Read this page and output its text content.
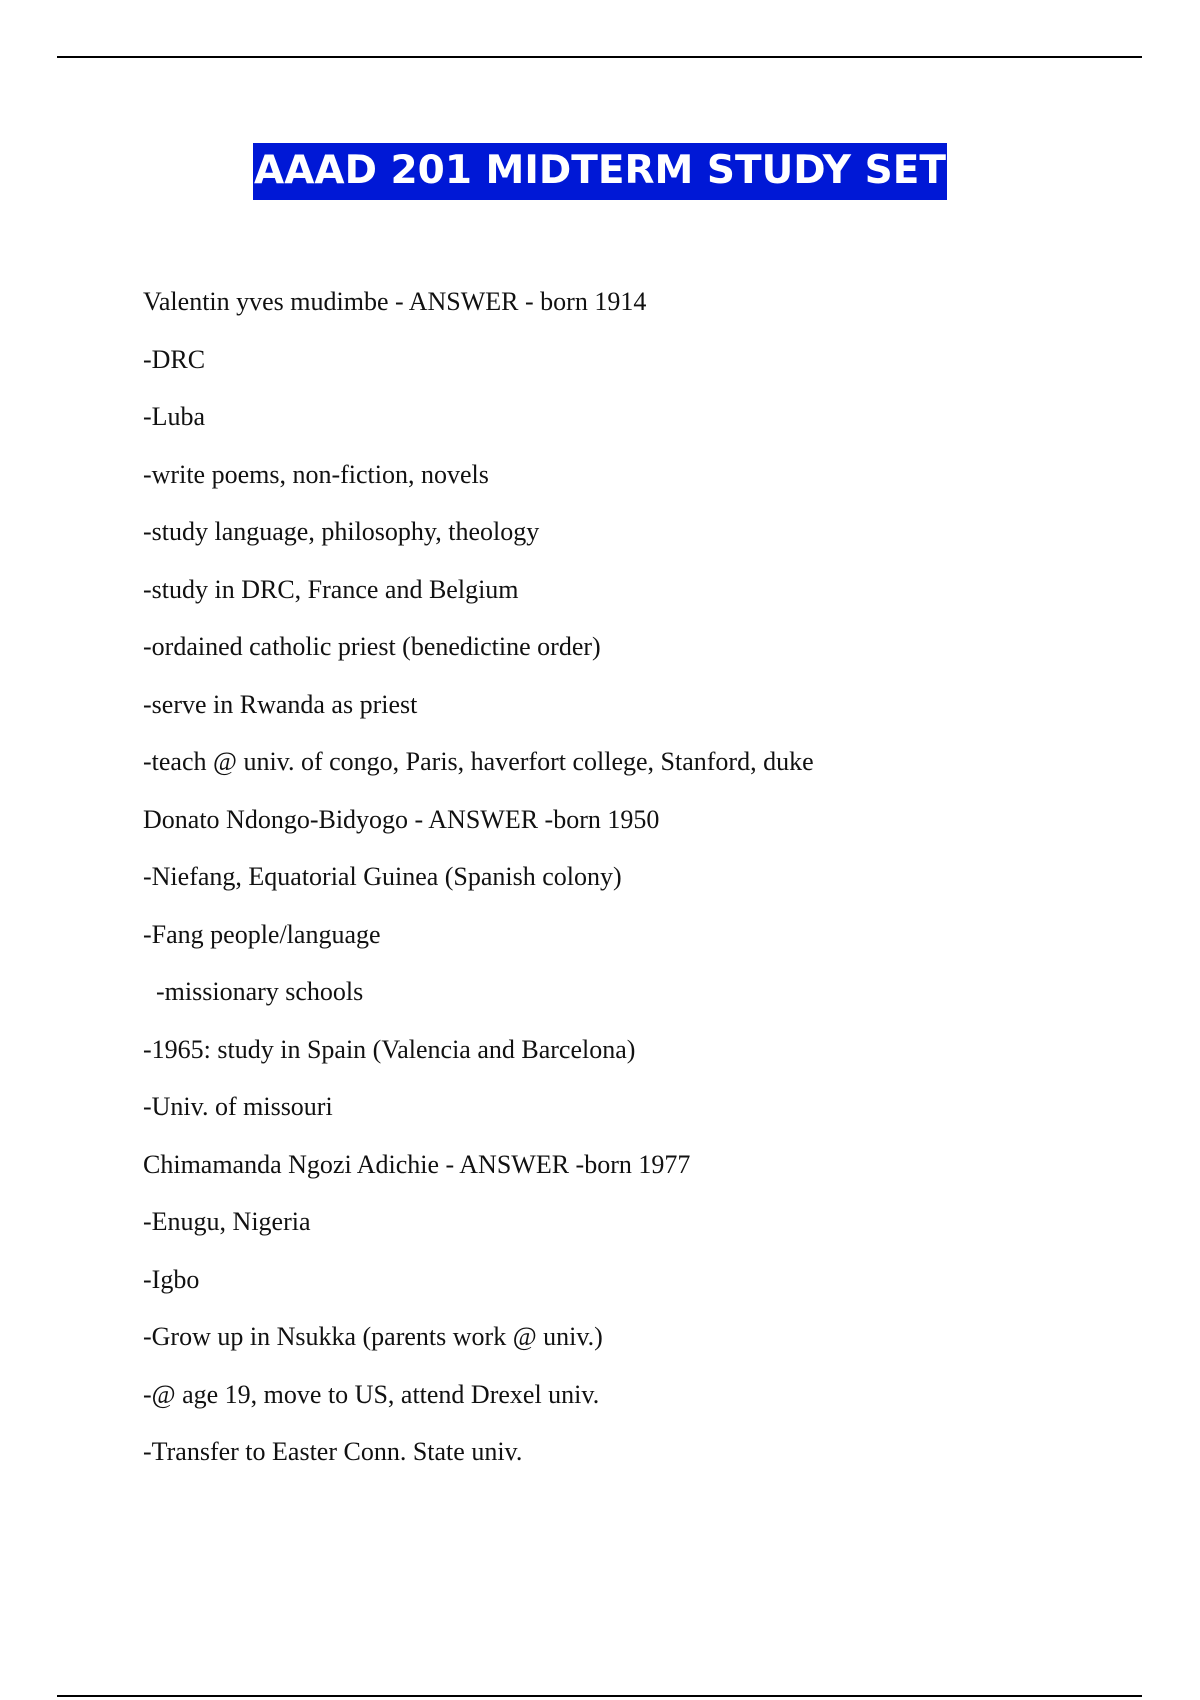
AAAD 201 MIDTERM STUDY SET
Valentin yves mudimbe - ANSWER - born 1914
-DRC
-Luba
-write poems, non-fiction, novels
-study language, philosophy, theology
-study in DRC, France and Belgium
-ordained catholic priest (benedictine order)
-serve in Rwanda as priest
-teach @ univ. of congo, Paris, haverfort college, Stanford, duke
Donato Ndongo-Bidyogo - ANSWER -born 1950
-Niefang, Equatorial Guinea (Spanish colony)
-Fang people/language
-missionary schools
-1965: study in Spain (Valencia and Barcelona)
-Univ. of missouri
Chimamanda Ngozi Adichie - ANSWER -born 1977
-Enugu, Nigeria
-Igbo
-Grow up in Nsukka (parents work @ univ.)
-@ age 19, move to US, attend Drexel univ.
-Transfer to Easter Conn. State univ.
